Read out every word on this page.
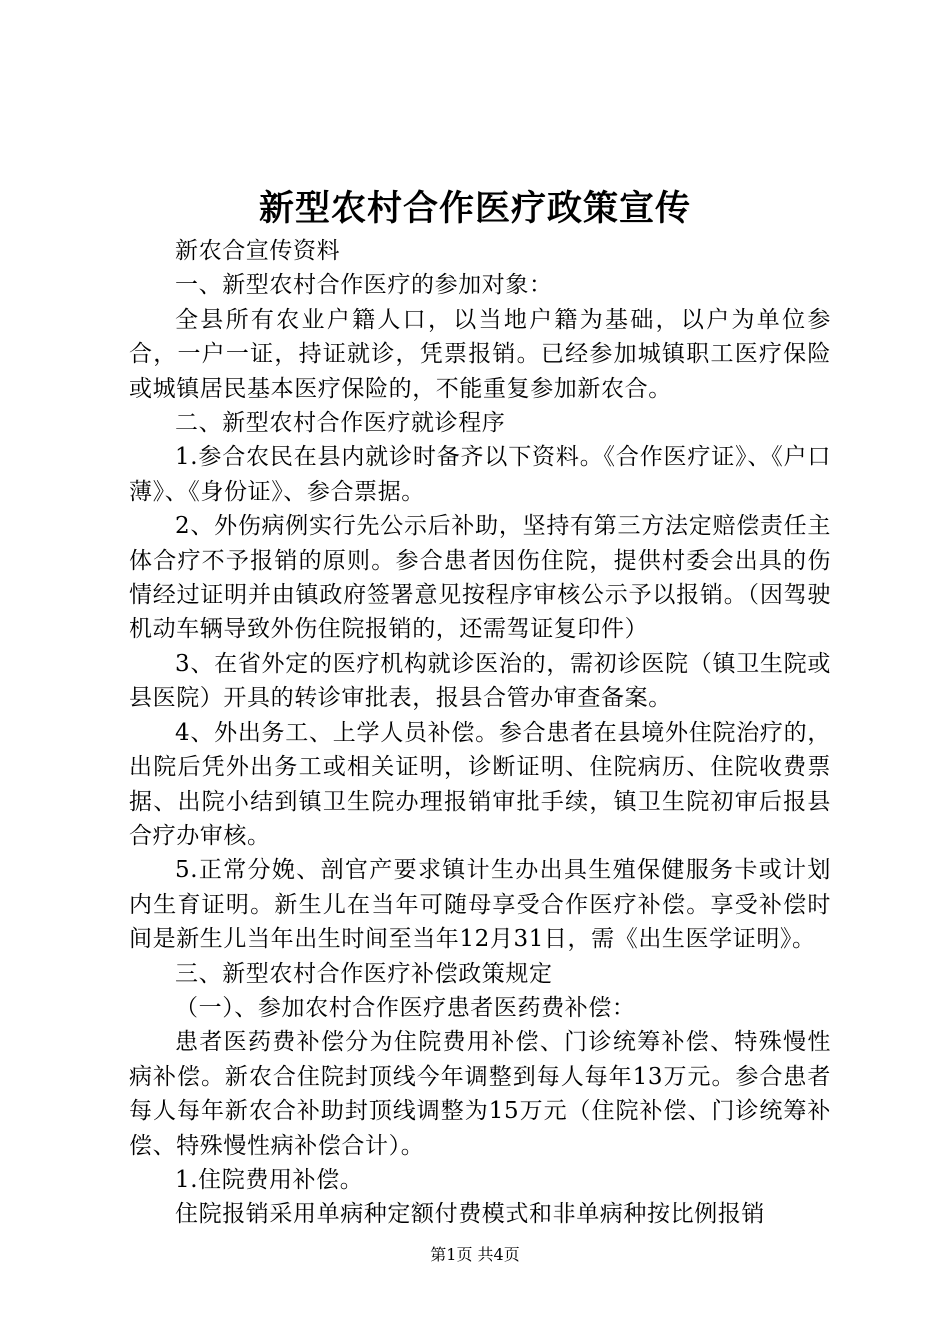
新型农村合作医疗政策宣传

新农合宣传资料

一、新型农村合作医疗的参加对象：

全县所有农业户籍人口，以当地户籍为基础，以户为单位参合，一户一证，持证就诊，凭票报销。已经参加城镇职工医疗保险或城镇居民基本医疗保险的，不能重复参加新农合。

二、新型农村合作医疗就诊程序

1.参合农民在县内就诊时备齐以下资料。《合作医疗证》、《户口薄》、《身份证》、参合票据。

2、外伤病例实行先公示后补助，坚持有第三方法定赔偿责任主体合疗不予报销的原则。参合患者因伤住院，提供村委会出具的伤情经过证明并由镇政府签署意见按程序审核公示予以报销。（因驾驶机动车辆导致外伤住院报销的，还需驾证复印件）

3、在省外定的医疗机构就诊医治的，需初诊医院（镇卫生院或县医院）开具的转诊审批表，报县合管办审查备案。

4、外出务工、上学人员补偿。参合患者在县境外住院治疗的，出院后凭外出务工或相关证明，诊断证明、住院病历、住院收费票据、出院小结到镇卫生院办理报销审批手续，镇卫生院初审后报县合疗办审核。

5.正常分娩、剖官产要求镇计生办出具生殖保健服务卡或计划内生育证明。新生儿在当年可随母享受合作医疗补偿。享受补偿时间是新生儿当年出生时间至当年12月31日，需《出生医学证明》。

三、新型农村合作医疗补偿政策规定

（一）、参加农村合作医疗患者医药费补偿：

患者医药费补偿分为住院费用补偿、门诊统筹补偿、特殊慢性病补偿。新农合住院封顶线今年调整到每人每年13万元。参合患者每人每年新农合补助封顶线调整为15万元（住院补偿、门诊统筹补偿、特殊慢性病补偿合计）。

1.住院费用补偿。

住院报销采用单病种定额付费模式和非单病种按比例报销

第1页 共4页
